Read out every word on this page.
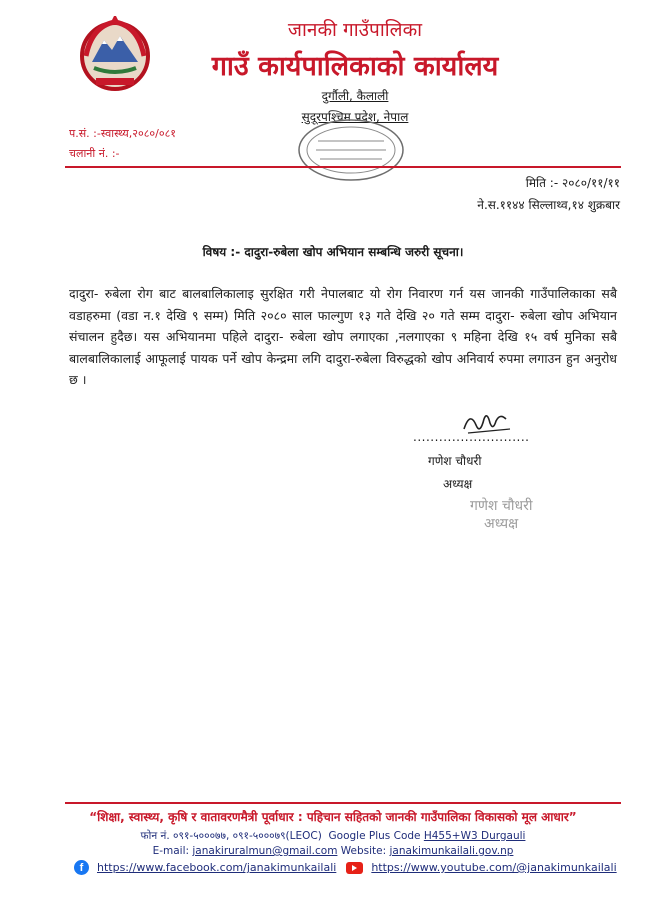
जानकी गाउँपालिका
गाउँ कार्यपालिकाको कार्यालय
दुर्गौली, कैलाली
सुदूरपश्चिम प्रदेश, नेपाल
प.सं. :-स्वास्थ्य,२०८०/०८१
चलानी नं. :-
मिति :- २०८०/११/११
ने.स.११४४ सिल्लाथ्व,१४ शुक्रबार
विषय :- दादुरा-रुबेला खोप अभियान सम्बन्धि जरुरी सूचना।
दादुरा- रुबेला रोग बाट बालबालिकालाइ सुरक्षित गरी नेपालबाट यो रोग निवारण गर्न यस जानकी गाउँपालिकाका सबै वडाहरुमा (वडा न.१ देखि ९ सम्म) मिति २०८० साल फाल्गुण १३ गते देखि २० गते सम्म दादुरा- रुबेला खोप अभियान संचालन हुदैछ। यस अभियानमा पहिले दादुरा- रुबेला खोप लगाएका ,नलगाएका ९ महिना देखि १५ वर्ष मुनिका सबै बालबालिकालाई आफूलाई पायक पर्ने खोप केन्द्रमा लगि दादुरा-रुबेला विरुद्धको खोप अनिवार्य रुपमा लगाउन हुन अनुरोध छ ।
...........................
गणेश चौधरी
अध्यक्ष
गणेश चौधरी
अध्यक्ष
“शिक्षा, स्वास्थ्य, कृषि र वातावरणमैत्री पूर्वाधार : पहिचान सहितको जानकी गाउँपालिका विकासको मूल आधार”
फोन नं. ०९१-५०००७७, ०९१-५०००७९(LEOC) Google Plus Code H455+W3 Durgauli
E-mail: janakiruralmun@gmail.com Website: janakimunkailali.gov.np
f	https://www.facebook.com/janakimunkailali	https://www.youtube.com/@janakimunkailali
